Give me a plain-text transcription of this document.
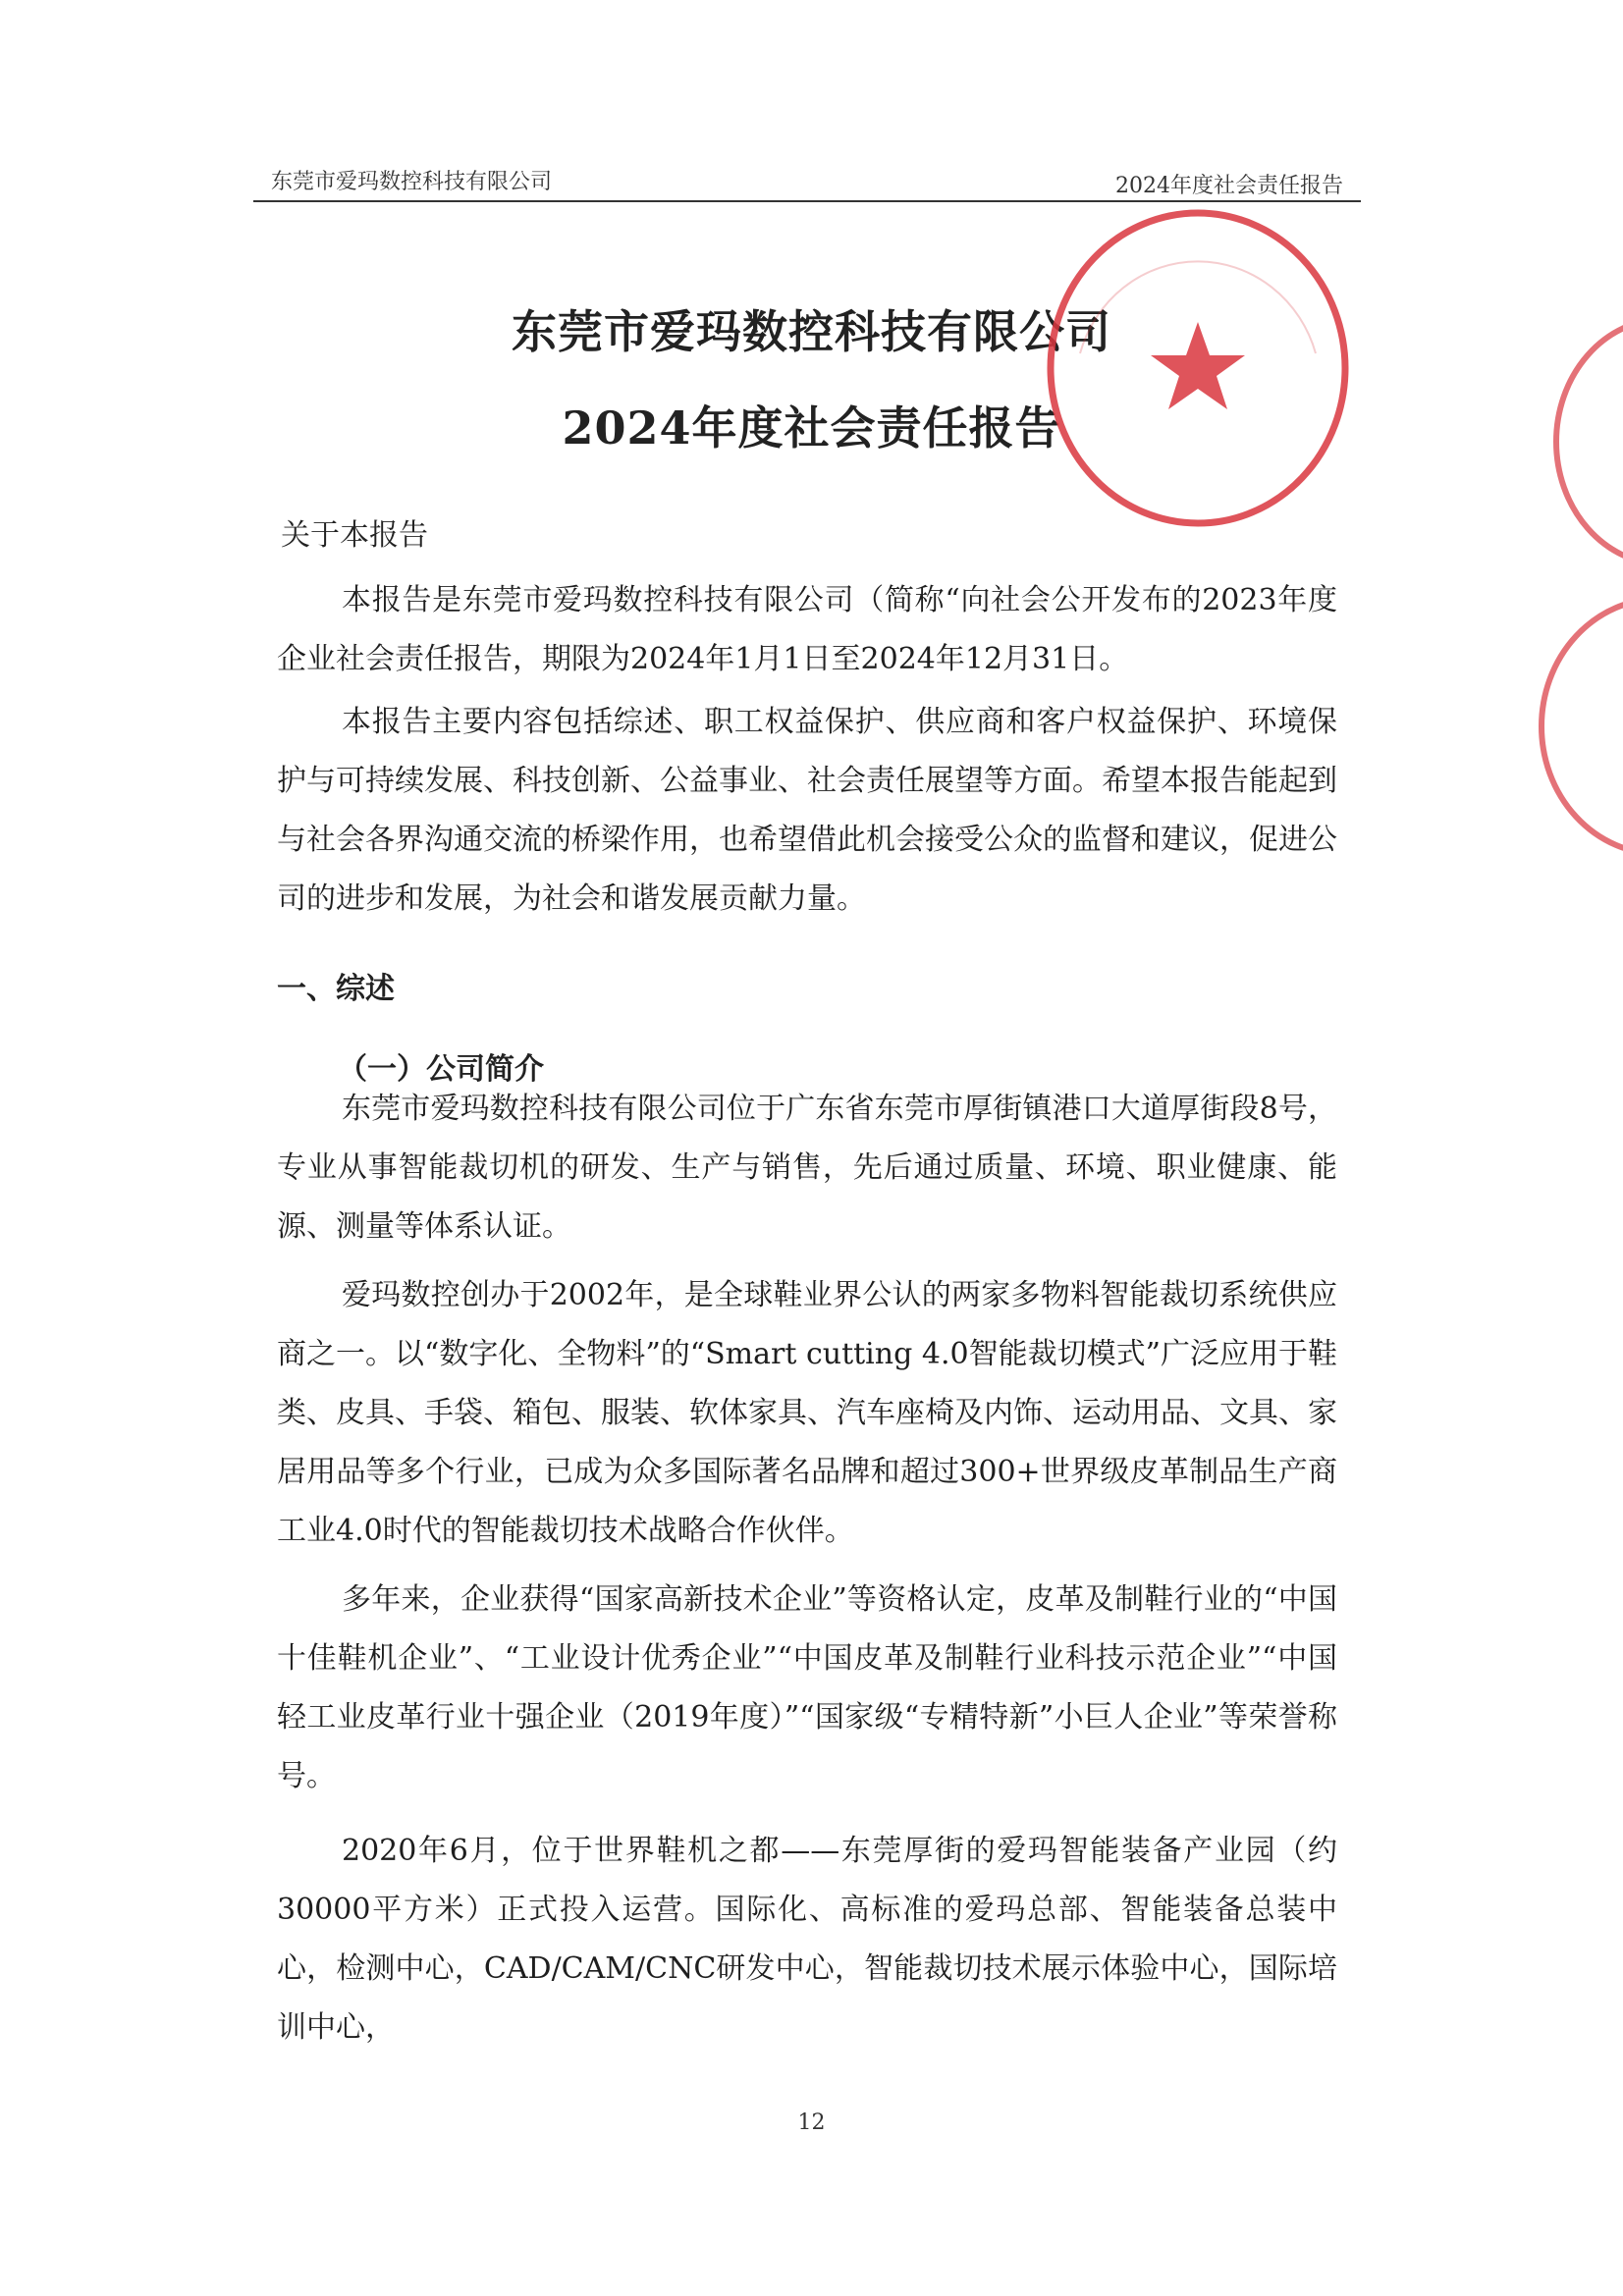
东莞市爱玛数控科技有限公司	2024年度社会责任报告
东莞市爱玛数控科技有限公司
2024年度社会责任报告
关于本报告
本报告是东莞市爱玛数控科技有限公司（简称“向社会公开发布的2023年度企业社会责任报告，期限为2024年1月1日至2024年12月31日。
本报告主要内容包括综述、职工权益保护、供应商和客户权益保护、环境保护与可持续发展、科技创新、公益事业、社会责任展望等方面。希望本报告能起到与社会各界沟通交流的桥梁作用，也希望借此机会接受公众的监督和建议，促进公司的进步和发展，为社会和谐发展贡献力量。
一、综述
（一）公司简介
东莞市爱玛数控科技有限公司位于广东省东莞市厚街镇港口大道厚街段8号，专业从事智能裁切机的研发、生产与销售，先后通过质量、环境、职业健康、能源、测量等体系认证。
爱玛数控创办于2002年，是全球鞋业界公认的两家多物料智能裁切系统供应商之一。以“数字化、全物料”的“Smart cutting 4.0智能裁切模式”广泛应用于鞋类、皮具、手袋、箱包、服装、软体家具、汽车座椅及内饰、运动用品、文具、家居用品等多个行业，已成为众多国际著名品牌和超过300+世界级皮革制品生产商工业4.0时代的智能裁切技术战略合作伙伴。
多年来，企业获得“国家高新技术企业”等资格认定，皮革及制鞋行业的“中国十佳鞋机企业”、“工业设计优秀企业”“中国皮革及制鞋行业科技示范企业”“中国轻工业皮革行业十强企业（2019年度）”“国家级“专精特新”小巨人企业”等荣誉称号。
2020年6月，位于世界鞋机之都——东莞厚街的爱玛智能装备产业园（约30000平方米）正式投入运营。国际化、高标准的爱玛总部、智能装备总装中心，检测中心，CAD/CAM/CNC研发中心，智能裁切技术展示体验中心，国际培训中心，
12
